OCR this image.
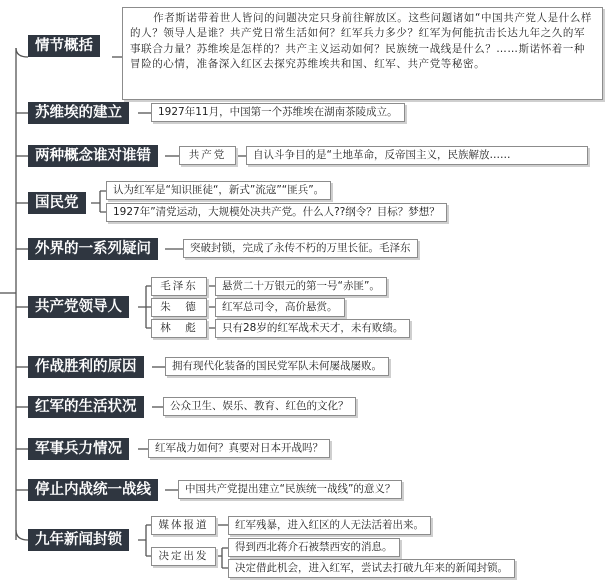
情节概括
作者斯诺带着世人皆问的问题决定只身前往解放区。这些问题诸如“中国共产党人是什么样的人？领导人是谁？共产党日常生活如何？红军兵力多少？红军为何能抗击长达九年之久的军事联合力量？苏维埃是怎样的？共产主义运动如何？民族统一战线是什么？……斯诺怀着一种冒险的心情，准备深入红区去探究苏维埃共和国、红军、共产党等秘密。
苏维埃的建立	1927年11月，中国第一个苏维埃在湖南茶陵成立。
两种概念谁对谁错	共产党	自认斗争目的是“土地革命，反帝国主义，民族解放……
国民党
认为红军是“知识匪徒“，新式”流寇”“匪兵”。
1927年”清党运动，大规模处决共产党。什么人??纲令？目标？梦想？
外界的一系列疑问	突破封锁，完成了永传不朽的万里长征。毛泽东
共产党领导人
毛泽东	悬赏二十万银元的第一号“赤匪”。
朱　德	红军总司令，高价悬赏。
林　彪	只有28岁的红军战术天才，未有败绩。
作战胜利的原因	拥有现代化装备的国民党军队未何屡战屡败。
红军的生活状况	公众卫生、娱乐、教育、红色的文化？
军事兵力情况	红军战力如何？真要对日本开战吗？
停止内战统一战线	中国共产党提出建立“民族统一战线”的意义？
九年新闻封锁
媒体报道	红军残暴，进入红区的人无法活着出来。
决定出发
得到西北蒋介石被禁西安的消息。
决定借此机会，进入红军，尝试去打破九年来的新闻封锁。
